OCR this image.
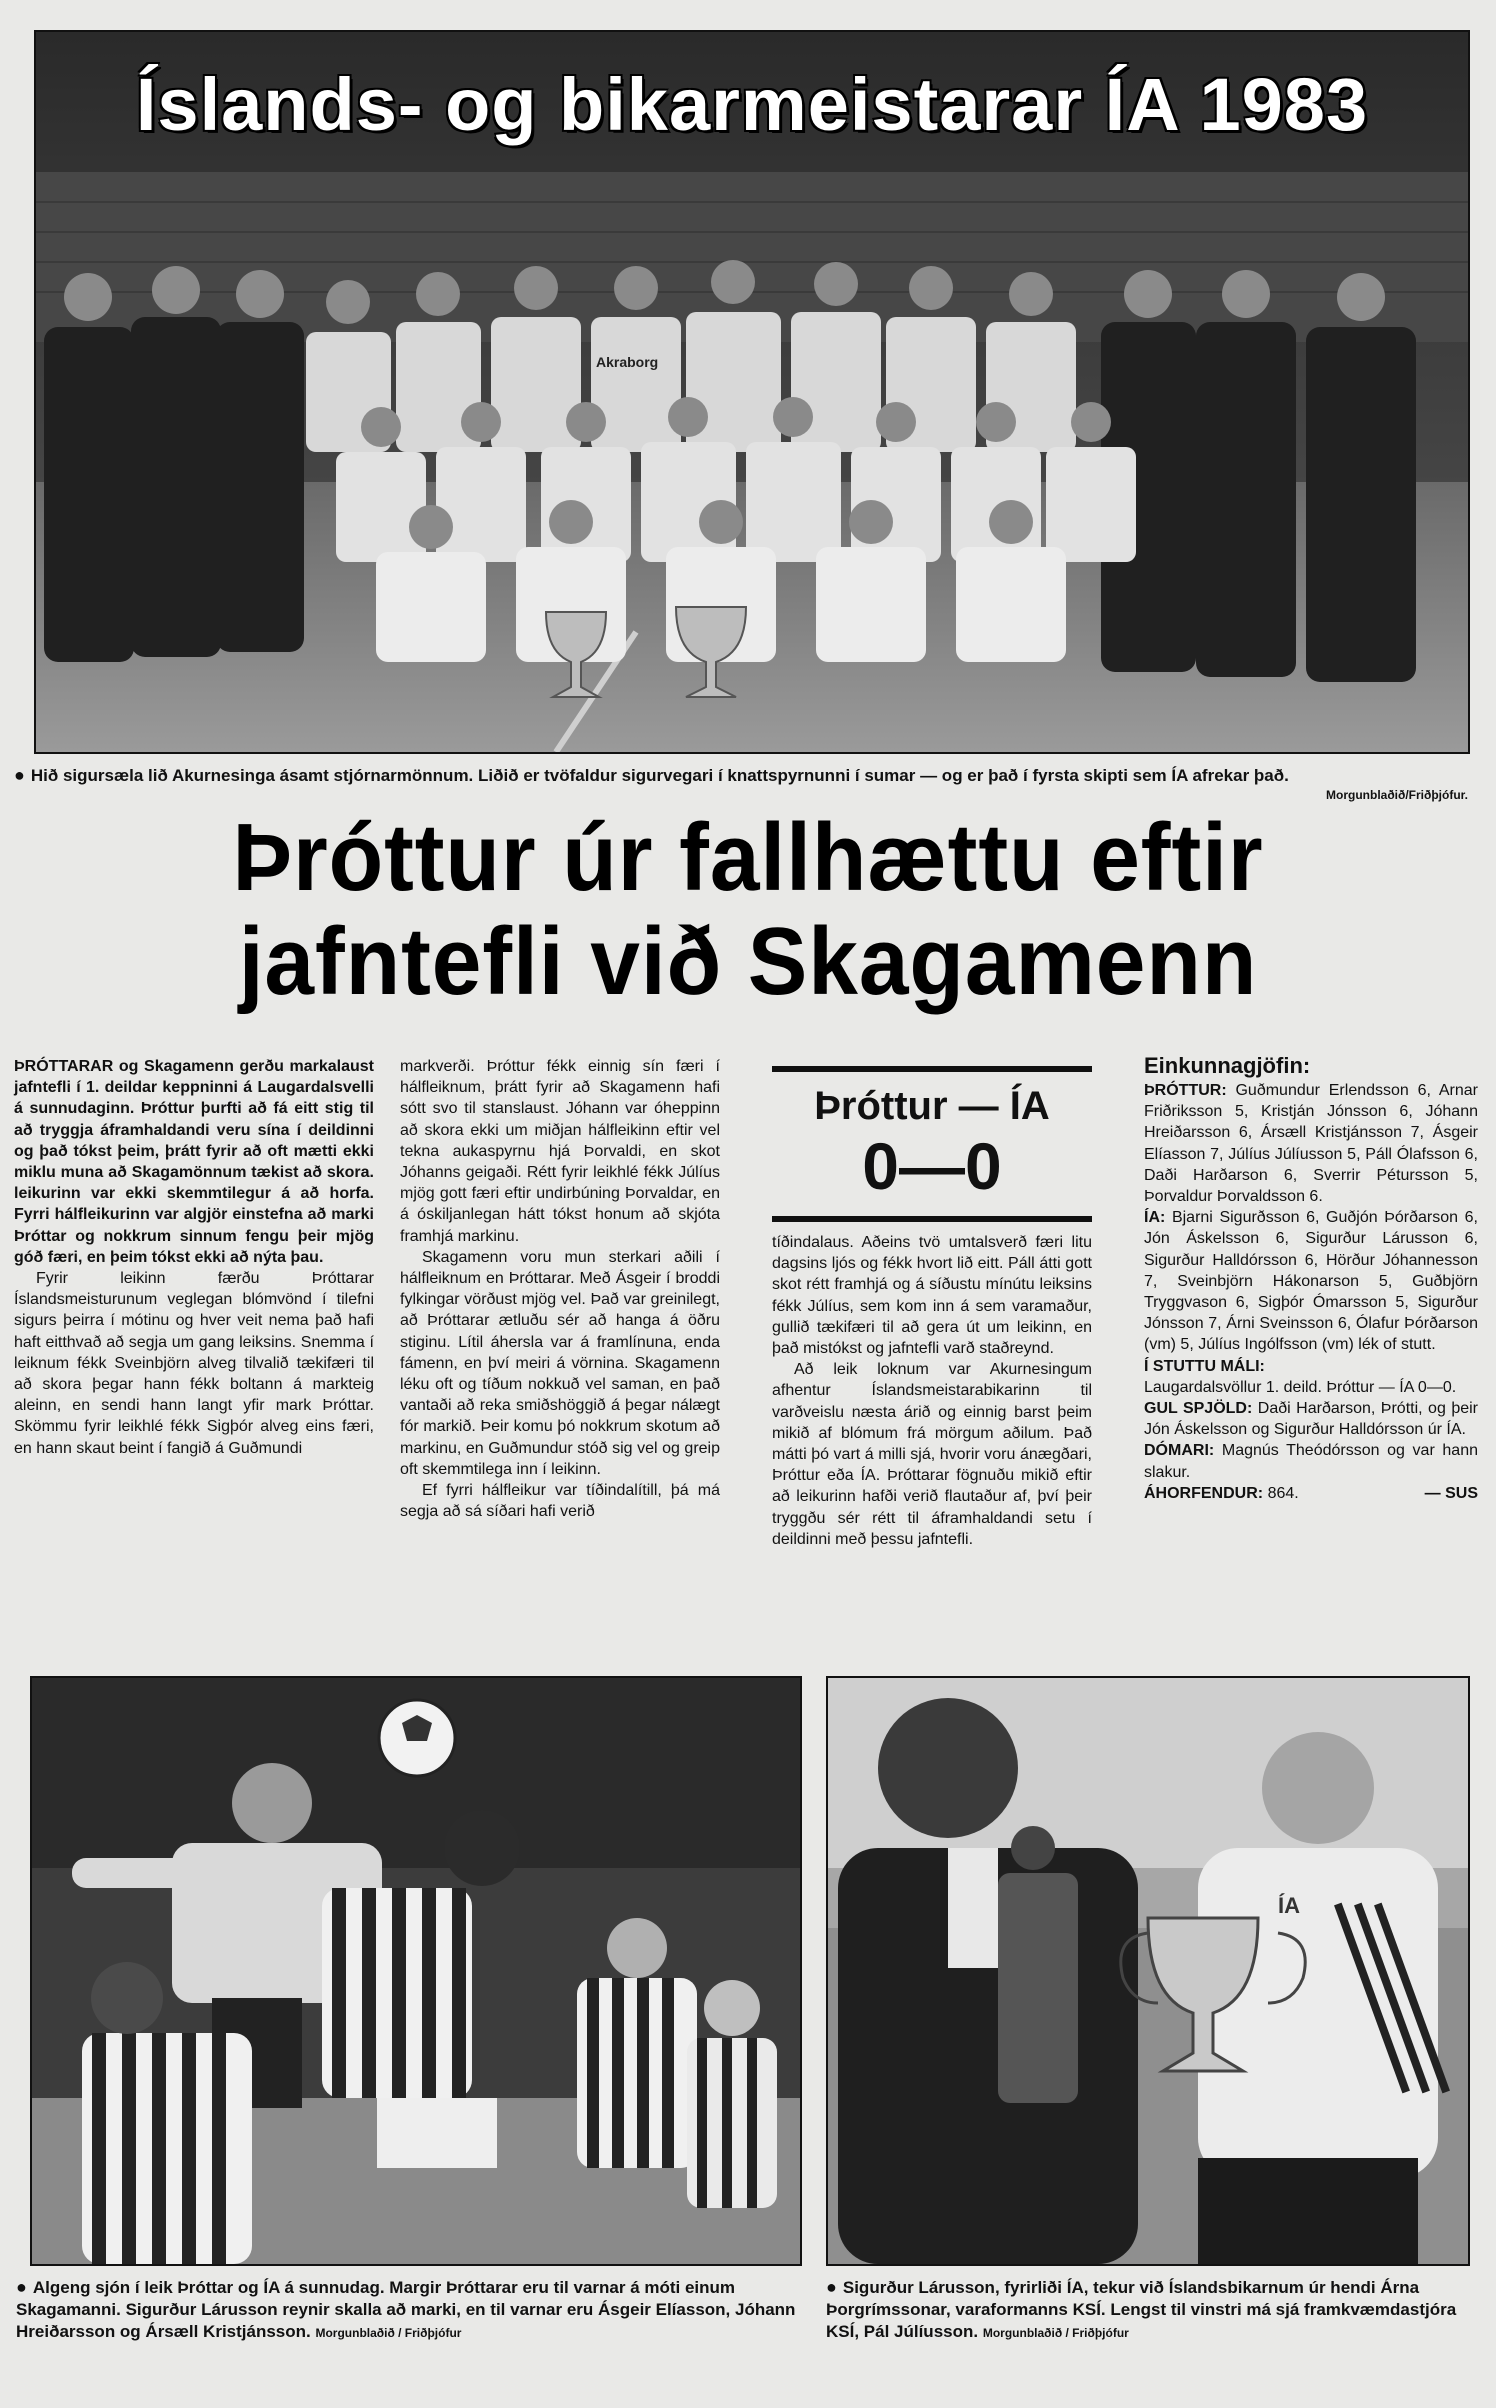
Akraborg
Íslands- og bikarmeistarar ÍA 1983
● Hið sigursæla lið Akurnesinga ásamt stjórnarmönnum. Liðið er tvöfaldur sigurvegari í knattspyrnunni í sumar — og er það í fyrsta skipti sem ÍA afrekar það.
Morgunblaðið/Friðþjófur.
Þróttur úr fallhættu eftir
jafntefli við Skagamenn

ÞRÓTTARAR og Skagamenn gerðu markalaust jafntefli í 1. deildar keppninni á Laugardalsvelli á sunnudaginn. Þróttur þurfti að fá eitt stig til að tryggja áframhaldandi veru sína í deildinni og það tókst þeim, þrátt fyrir að oft mætti ekki miklu muna að Skagamönnum tækist að skora. leikurinn var ekki skemmtilegur á að horfa. Fyrri hálfleikurinn var algjör einstefna að marki Þróttar og nokkrum sinnum fengu þeir mjög góð færi, en þeim tókst ekki að nýta þau.

Fyrir leikinn færðu Þróttarar Íslandsmeisturunum veglegan blómvönd í tilefni sigurs þeirra í mótinu og hver veit nema það hafi haft eitthvað að segja um gang leiksins. Snemma í leiknum fékk Sveinbjörn alveg tilvalið tækifæri til að skora þegar hann fékk boltann á markteig aleinn, en sendi hann langt yfir mark Þróttar. Skömmu fyrir leikhlé fékk Sigþór alveg eins færi, en hann skaut beint í fangið á Guðmundi

markverði. Þróttur fékk einnig sín færi í hálfleiknum, þrátt fyrir að Skagamenn hafi sótt svo til stanslaust. Jóhann var óheppinn að skora ekki um miðjan hálfleikinn eftir vel tekna aukaspyrnu hjá Þorvaldi, en skot Jóhanns geigaði. Rétt fyrir leikhlé fékk Júlíus mjög gott færi eftir undirbúning Þorvaldar, en á óskiljanlegan hátt tókst honum að skjóta framhjá markinu.

Skagamenn voru mun sterkari aðili í hálfleiknum en Þróttarar. Með Ásgeir í broddi fylkingar vörðust mjög vel. Það var greinilegt, að Þróttarar ætluðu sér að hanga á öðru stiginu. Lítil áhersla var á framlínuna, enda fámenn, en því meiri á vörnina. Skagamenn léku oft og tíðum nokkuð vel saman, en það vantaði að reka smiðshöggið á þegar nálægt fór markið. Þeir komu þó nokkrum skotum að markinu, en Guðmundur stóð sig vel og greip oft skemmtilega inn í leikinn.

Ef fyrri hálfleikur var tíðindalítill, þá má segja að sá síðari hafi verið

Þróttur — ÍA
0—0

tíðindalaus. Aðeins tvö umtalsverð færi litu dagsins ljós og fékk hvort lið eitt. Páll átti gott skot rétt framhjá og á síðustu mínútu leiksins fékk Júlíus, sem kom inn á sem varamaður, gullið tækifæri til að gera út um leikinn, en það mistókst og jafntefli varð staðreynd.

Að leik loknum var Akurnesingum afhentur Íslandsmeistarabikarinn til varðveislu næsta árið og einnig barst þeim mikið af blómum frá mörgum aðilum. Það mátti þó vart á milli sjá, hvorir voru ánægðari, Þróttur eða ÍA. Þróttarar fögnuðu mikið eftir að leikurinn hafði verið flautaður af, því þeir tryggðu sér rétt til áframhaldandi setu í deildinni með þessu jafntefli.

Einkunnagjöfin:

ÞRÓTTUR: Guðmundur Erlendsson 6, Arnar Friðriksson 5, Kristján Jónsson 6, Jóhann Hreiðarsson 6, Ársæll Kristjánsson 7, Ásgeir Elíasson 7, Júlíus Júlíusson 5, Páll Ólafsson 6, Daði Harðarson 6, Sverrir Pétursson 5, Þorvaldur Þorvaldsson 6.

ÍA: Bjarni Sigurðsson 6, Guðjón Þórðarson 6, Jón Áskelsson 6, Sigurður Lárusson 6, Sigurður Halldórsson 6, Hörður Jóhannesson 7, Sveinbjörn Hákonarson 5, Guðbjörn Tryggvason 6, Sigþór Ómarsson 5, Sigurður Jónsson 7, Árni Sveinsson 6, Ólafur Þórðarson (vm) 5, Júlíus Ingólfsson (vm) lék of stutt.

Í STUTTU MÁLI:

Laugardalsvöllur 1. deild. Þróttur — ÍA 0—0.

GUL SPJÖLD: Daði Harðarson, Þrótti, og þeir Jón Áskelsson og Sigurður Halldórsson úr ÍA.

DÓMARI: Magnús Theódórsson og var hann slakur.

ÁHORFENDUR: 864.	— SUS

ÍA
● Algeng sjón í leik Þróttar og ÍA á sunnudag. Margir Þróttarar eru til varnar á móti einum Skagamanni. Sigurður Lárusson reynir skalla að marki, en til varnar eru Ásgeir Elíasson, Jóhann Hreiðarsson og Ársæll Kristjánsson. Morgunblaðið / Friðþjófur
● Sigurður Lárusson, fyrirliði ÍA, tekur við Íslandsbikarnum úr hendi Árna Þorgrímssonar, varaformanns KSÍ. Lengst til vinstri má sjá framkvæmdastjóra KSÍ, Pál Júlíusson. Morgunblaðið / Friðþjófur
